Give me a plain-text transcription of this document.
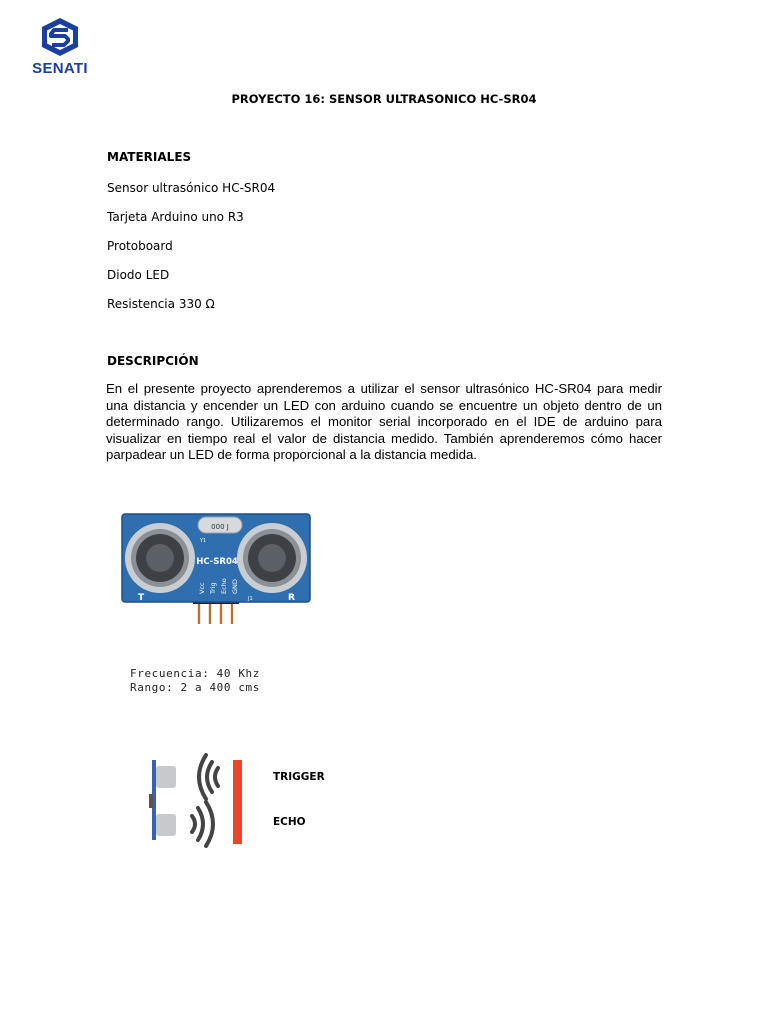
SENATI
PROYECTO 16: SENSOR ULTRASONICO HC-SR04
MATERIALES
Sensor ultrasónico HC-SR04
Tarjeta Arduino uno R3
Protoboard
Diodo LED
Resistencia 330 Ω
DESCRIPCIÓN
En el presente proyecto aprenderemos a utilizar el sensor ultrasónico HC-SR04 para medir una distancia y encender un LED con arduino cuando se encuentre un objeto dentro de un determinado rango. Utilizaremos el monitor serial incorporado en el IDE de arduino para visualizar en tiempo real el valor de distancia medido. También aprenderemos cómo hacer parpadear un LED de forma proporcional a la distancia medida.
000 J
Y1
HC-SR04
Vcc Trig Echo GND
T	J1	R
Frecuencia: 40 Khz
Rango: 2 a 400 cms
TRIGGER
ECHO
